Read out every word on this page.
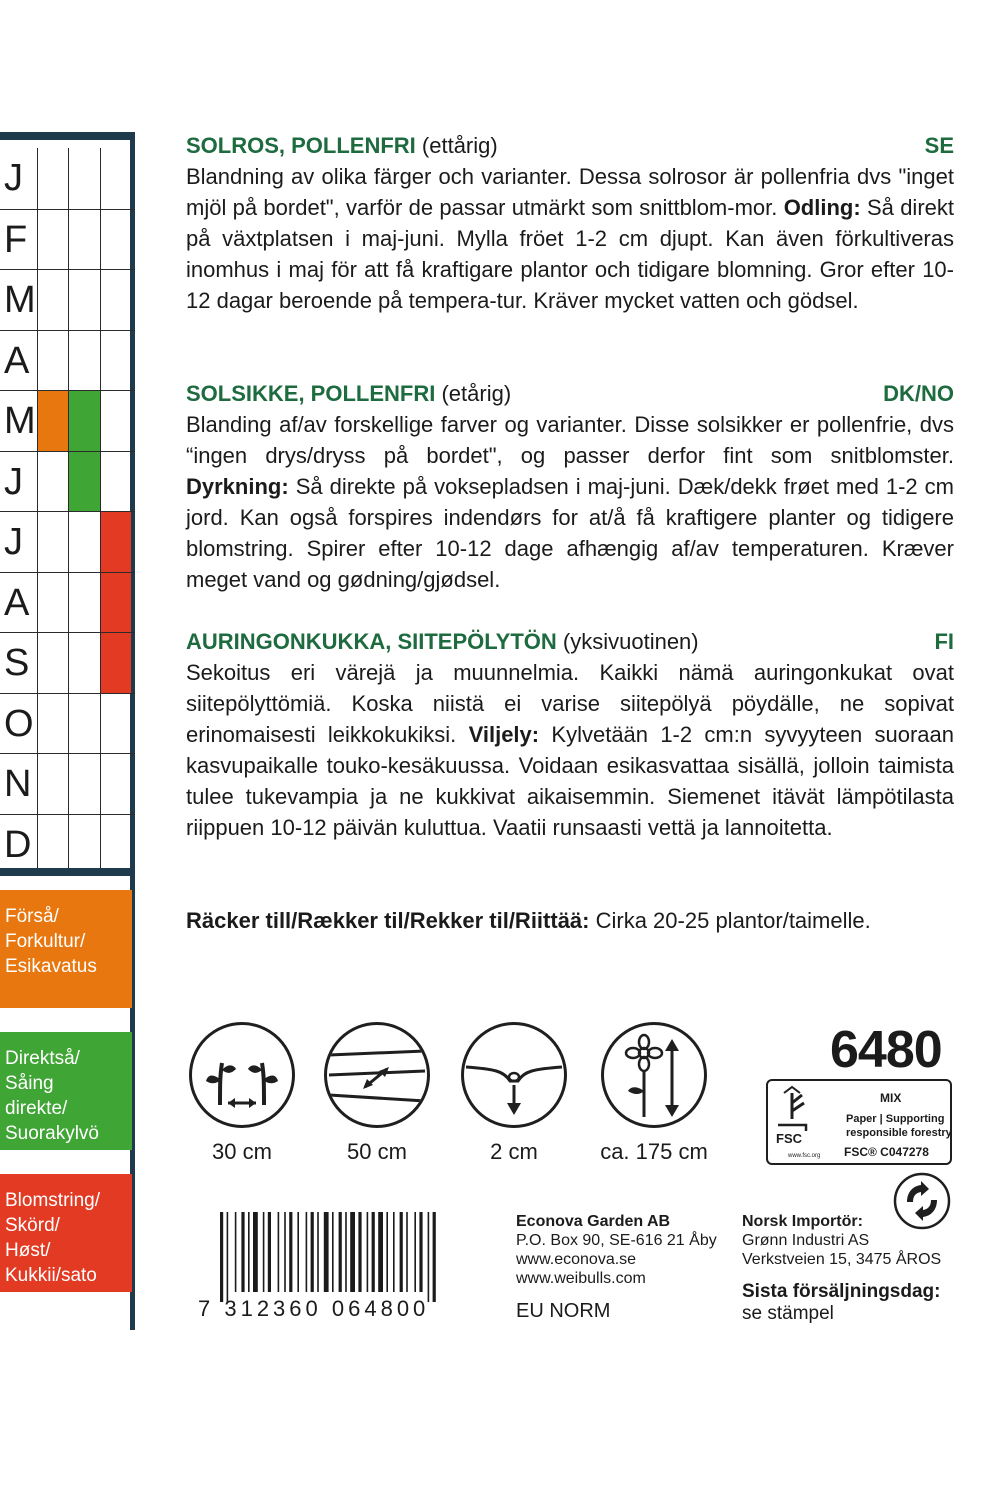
J
F
M
A
M
J
J
A
S
O
N
D
Förså/
Forkultur/
Esikavatus
Direktså/
Såing
direkte/
Suorakylvö
Blomstring/
Skörd/
Høst/
Kukkii/sato
SOLROS, POLLENFRI (ettårig)	SE
Blandning av olika färger och varianter. Dessa solrosor är pollenfria dvs "inget mjöl på bordet", varför de passar utmärkt som snittblom-mor. Odling: Så direkt på växtplatsen i maj-juni. Mylla fröet 1-2 cm djupt. Kan även förkultiveras inomhus i maj för att få kraftigare plantor och tidigare blomning. Gror efter 10-12 dagar beroende på tempera-tur. Kräver mycket vatten och gödsel.
SOLSIKKE, POLLENFRI (etårig)	DK/NO
Blanding af/av forskellige farver og varianter. Disse solsikker er pollenfrie, dvs “ingen drys/dryss på bordet", og passer derfor fint som snitblomster. Dyrkning: Så direkte på voksepladsen i maj-juni. Dæk/dekk frøet med 1-2 cm jord. Kan også forspires indendørs for at/å få kraftigere planter og tidigere blomstring. Spirer efter 10-12 dage afhængig af/av temperaturen. Kræver meget vand og gødning/gjødsel.
AURINGONKUKKA, SIITEPÖLYTÖN (yksivuotinen)	FI
Sekoitus eri värejä ja muunnelmia. Kaikki nämä auringonkukat ovat siitepölyttömiä. Koska niistä ei varise siitepölyä pöydälle, ne sopivat erinomaisesti leikkokukiksi. Viljely: Kylvetään 1-2 cm:n syvyyteen suoraan kasvupaikalle touko-kesäkuussa. Voidaan esikasvattaa sisällä, jolloin taimista tulee tukevampia ja ne kukkivat aikaisemmin. Siemenet itävät lämpötilasta riippuen 10-12 päivän kuluttua. Vaatii runsaasti vettä ja lannoitetta.
Räcker till/Rækker til/Rekker til/Riittää: Cirka 20-25 plantor/taimelle.
30 cm	50 cm	2 cm	ca. 175 cm
6480
FSC
www.fsc.org
MIX
Paper | Supporting
responsible forestry
FSC® C047278
7 312360 064800
Econova Garden AB
P.O. Box 90, SE-616 21 Åby
www.econova.se
www.weibulls.com
EU NORM
Norsk Importör:
Grønn Industri AS
Verkstveien 15, 3475 ÅROS
Sista försäljningsdag:
se stämpel
